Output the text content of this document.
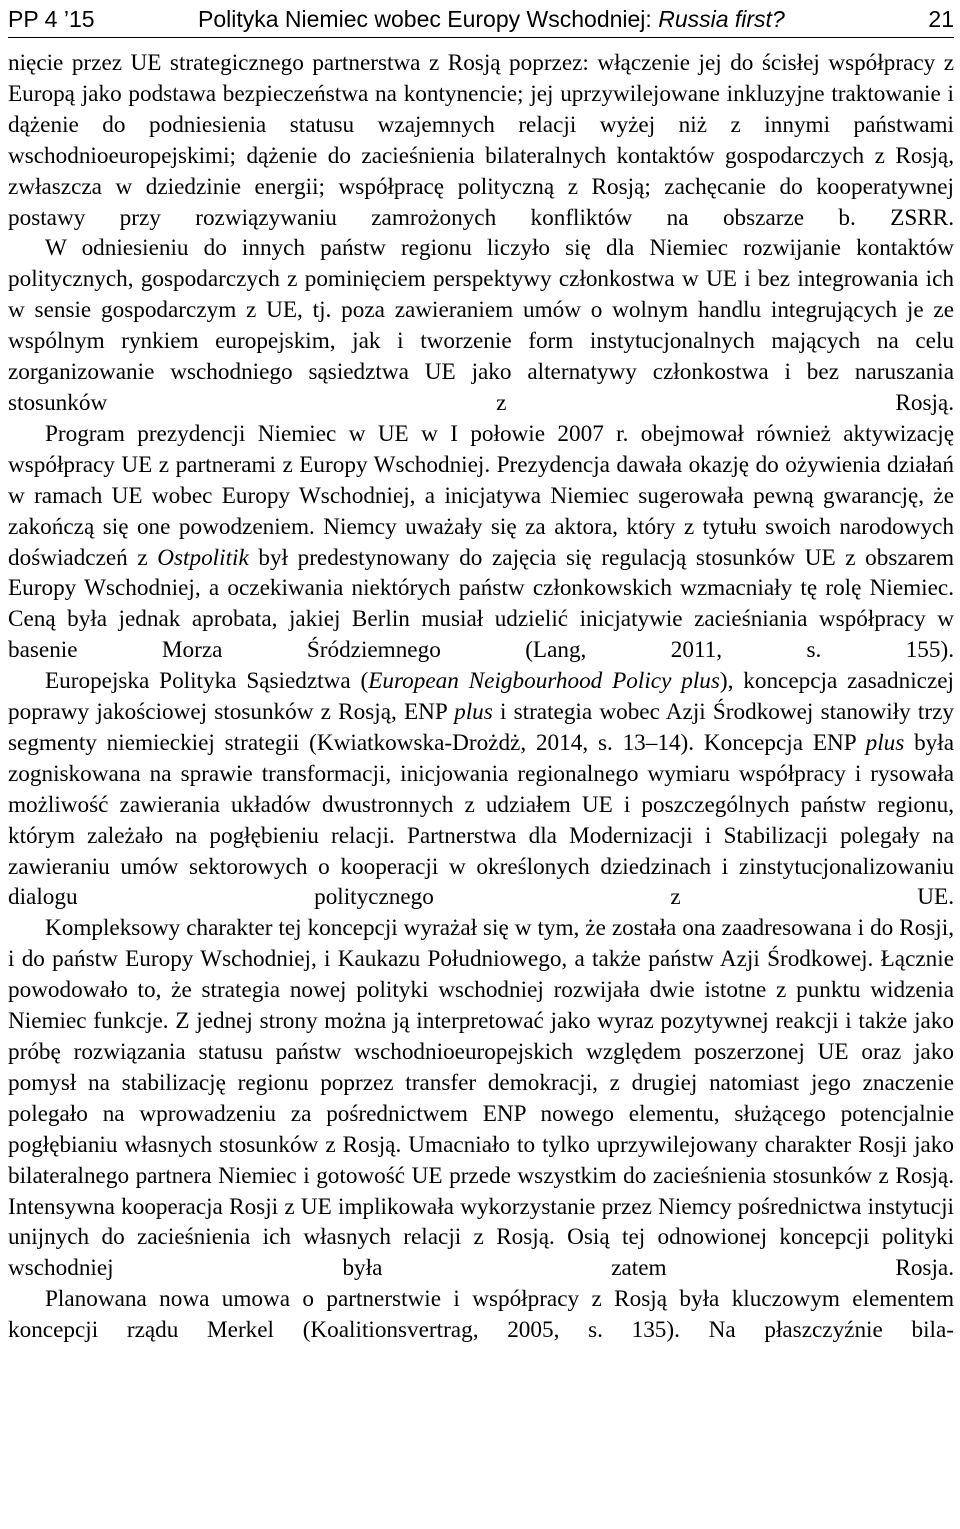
PP 4 ’15	Polityka Niemiec wobec Europy Wschodniej: Russia first?	21

nięcie przez UE strategicznego partnerstwa z Rosją poprzez: włączenie jej do ścisłej współpracy z Europą jako podstawa bezpieczeństwa na kontynencie; jej uprzywilejowane inkluzyjne traktowanie i dążenie do podniesienia statusu wzajemnych relacji wyżej niż z innymi państwami wschodnioeuropejskimi; dążenie do zacieśnienia bilateralnych kontaktów gospodarczych z Rosją, zwłaszcza w dziedzinie energii; współpracę polityczną z Rosją; zachęcanie do kooperatywnej postawy przy rozwiązywaniu zamrożonych konfliktów na obszarze b. ZSRR.

W odniesieniu do innych państw regionu liczyło się dla Niemiec rozwijanie kontaktów politycznych, gospodarczych z pominięciem perspektywy członkostwa w UE i bez integrowania ich w sensie gospodarczym z UE, tj. poza zawieraniem umów o wolnym handlu integrujących je ze wspólnym rynkiem europejskim, jak i tworzenie form instytucjonalnych mających na celu zorganizowanie wschodniego sąsiedztwa UE jako alternatywy członkostwa i bez naruszania stosunków z Rosją.

Program prezydencji Niemiec w UE w I połowie 2007 r. obejmował również aktywizację współpracy UE z partnerami z Europy Wschodniej. Prezydencja dawała okazję do ożywienia działań w ramach UE wobec Europy Wschodniej, a inicjatywa Niemiec sugerowała pewną gwarancję, że zakończą się one powodzeniem. Niemcy uważały się za aktora, który z tytułu swoich narodowych doświadczeń z Ostpolitik był predestynowany do zajęcia się regulacją stosunków UE z obszarem Europy Wschodniej, a oczekiwania niektórych państw członkowskich wzmacniały tę rolę Niemiec. Ceną była jednak aprobata, jakiej Berlin musiał udzielić inicjatywie zacieśniania współpracy w basenie Morza Śródziemnego (Lang, 2011, s. 155).

Europejska Polityka Sąsiedztwa (European Neigbourhood Policy plus), koncepcja zasadniczej poprawy jakościowej stosunków z Rosją, ENP plus i strategia wobec Azji Środkowej stanowiły trzy segmenty niemieckiej strategii (Kwiatkowska-Drożdż, 2014, s. 13–14). Koncepcja ENP plus była zogniskowana na sprawie transformacji, inicjowania regionalnego wymiaru współpracy i rysowała możliwość zawierania układów dwustronnych z udziałem UE i poszczególnych państw regionu, którym zależało na pogłębieniu relacji. Partnerstwa dla Modernizacji i Stabilizacji polegały na zawieraniu umów sektorowych o kooperacji w określonych dziedzinach i zinstytucjonalizowaniu dialogu politycznego z UE.

Kompleksowy charakter tej koncepcji wyrażał się w tym, że została ona zaadresowana i do Rosji, i do państw Europy Wschodniej, i Kaukazu Południowego, a także państw Azji Środkowej. Łącznie powodowało to, że strategia nowej polityki wschodniej rozwijała dwie istotne z punktu widzenia Niemiec funkcje. Z jednej strony można ją interpretować jako wyraz pozytywnej reakcji i także jako próbę rozwiązania statusu państw wschodnioeuropejskich względem poszerzonej UE oraz jako pomysł na stabilizację regionu poprzez transfer demokracji, z drugiej natomiast jego znaczenie polegało na wprowadzeniu za pośrednictwem ENP nowego elementu, służącego potencjalnie pogłębianiu własnych stosunków z Rosją. Umacniało to tylko uprzywilejowany charakter Rosji jako bilateralnego partnera Niemiec i gotowość UE przede wszystkim do zacieśnienia stosunków z Rosją. Intensywna kooperacja Rosji z UE implikowała wykorzystanie przez Niemcy pośrednictwa instytucji unijnych do zacieśnienia ich własnych relacji z Rosją. Osią tej odnowionej koncepcji polityki wschodniej była zatem Rosja.

Planowana nowa umowa o partnerstwie i współpracy z Rosją była kluczowym elementem koncepcji rządu Merkel (Koalitionsvertrag, 2005, s. 135). Na płaszczyźnie bila-
